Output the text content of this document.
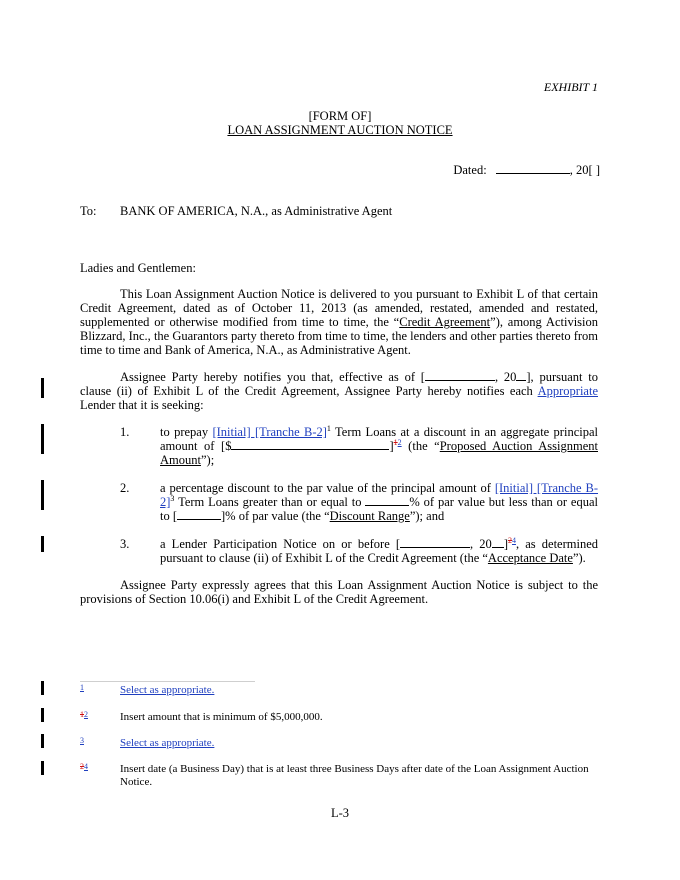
EXHIBIT 1
[FORM OF]
LOAN ASSIGNMENT AUCTION NOTICE
Dated:	, 20[ ]
To: BANK OF AMERICA, N.A., as Administrative Agent
Ladies and Gentlemen:

This Loan Assignment Auction Notice is delivered to you pursuant to Exhibit L of that certain Credit Agreement, dated as of October 11, 2013 (as amended, restated, amended and restated, supplemented or otherwise modified from time to time, the “Credit Agreement”), among Activision Blizzard, Inc., the Guarantors party thereto from time to time, the lenders and other parties thereto from time to time and Bank of America, N.A., as Administrative Agent.

Assignee Party hereby notifies you that, effective as of [	, 20 ], pursuant to clause (ii) of Exhibit L of the Credit Agreement, Assignee Party hereby notifies each Appropriate Lender that it is seeking:

1. to prepay [Initial] [Tranche B-2]$^1$ Term Loans at a discount in an aggregate principal amount of [$	]$^{12}$ (the “Proposed Auction Assignment Amount”);
2. a percentage discount to the par value of the principal amount of [Initial] [Tranche B-2]$^3$ Term Loans greater than or equal to	% of par value but less than or equal to [	]% of par value (the “Discount Range”); and
3. a Lender Participation Notice on or before [	, 20 ]$^{24}$, as determined pursuant to clause (ii) of Exhibit L of the Credit Agreement (the “Acceptance Date”).

Assignee Party expressly agrees that this Loan Assignment Auction Notice is subject to the provisions of Section 10.06(i) and Exhibit L of the Credit Agreement.

1	Select as appropriate.
12	Insert amount that is minimum of $5,000,000.
3	Select as appropriate.
24	Insert date (a Business Day) that is at least three Business Days after date of the Loan Assignment Auction Notice.
L-3
